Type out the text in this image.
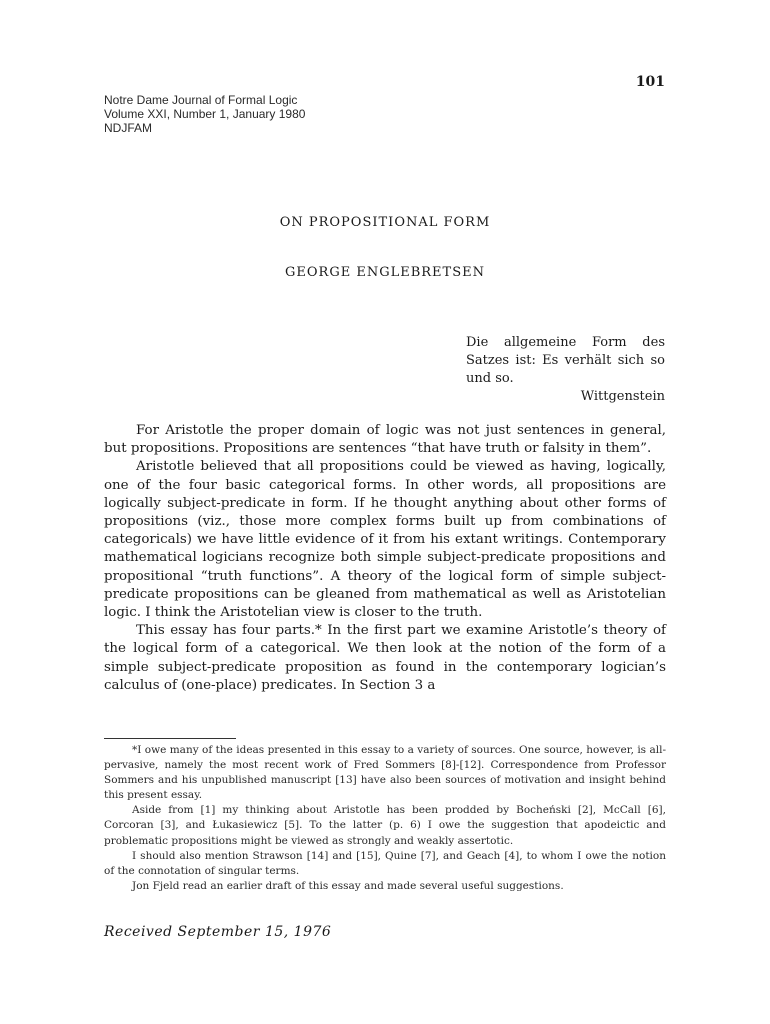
101
Notre Dame Journal of Formal Logic
Volume XXI, Number 1, January 1980
NDJFAM
ON PROPOSITIONAL FORM
GEORGE ENGLEBRETSEN
Die allgemeine Form des Satzes ist: Es verhält sich so und so.
Wittgenstein

For Aristotle the proper domain of logic was not just sentences in general, but propositions. Propositions are sentences “that have truth or falsity in them”.

Aristotle believed that all propositions could be viewed as having, logically, one of the four basic categorical forms. In other words, all propositions are logically subject-predicate in form. If he thought anything about other forms of propositions (viz., those more complex forms built up from combinations of categoricals) we have little evidence of it from his extant writings. Contemporary mathematical logicians recognize both simple subject-predicate propositions and propositional “truth functions”. A theory of the logical form of simple subject-predicate propositions can be gleaned from mathematical as well as Aristotelian logic. I think the Aristotelian view is closer to the truth.

This essay has four parts.* In the first part we examine Aristotle’s theory of the logical form of a categorical. We then look at the notion of the form of a simple subject-predicate proposition as found in the contemporary logician’s calculus of (one-place) predicates. In Section 3 a

*I owe many of the ideas presented in this essay to a variety of sources. One source, however, is all-pervasive, namely the most recent work of Fred Sommers [8]-[12]. Correspondence from Professor Sommers and his unpublished manuscript [13] have also been sources of motivation and insight behind this present essay.

Aside from [1] my thinking about Aristotle has been prodded by Bocheński [2], McCall [6], Corcoran [3], and Łukasiewicz [5]. To the latter (p. 6) I owe the suggestion that apodeictic and problematic propositions might be viewed as strongly and weakly assertotic.

I should also mention Strawson [14] and [15], Quine [7], and Geach [4], to whom I owe the notion of the connotation of singular terms.

Jon Fjeld read an earlier draft of this essay and made several useful suggestions.

Received September 15, 1976
